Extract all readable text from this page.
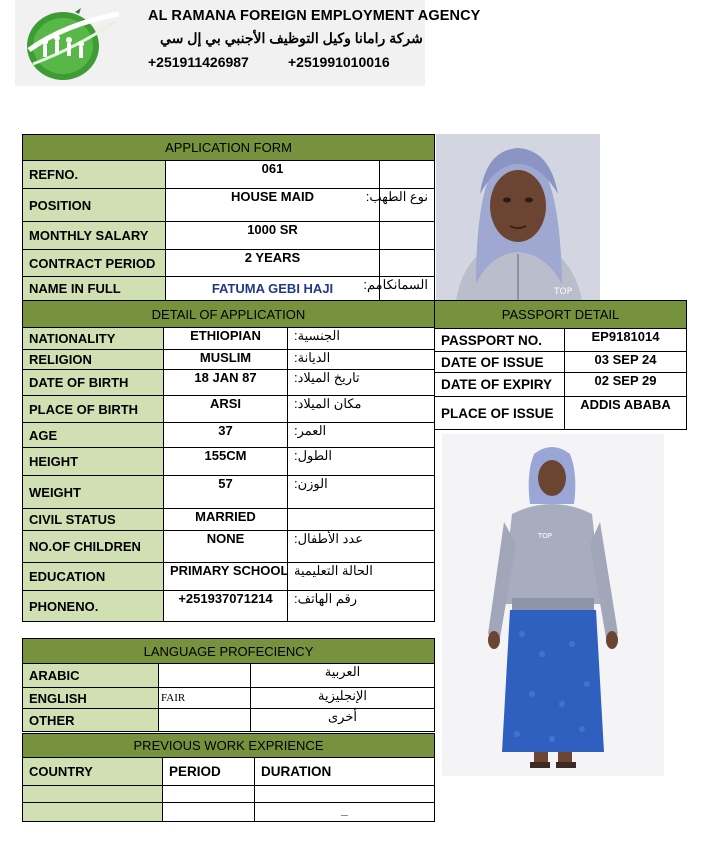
AL RAMANA FOREIGN EMPLOYMENT AGENCY
شركة رامانا وكيل التوظيف الأجنبي بي إل سي
+251911426987	+251991010016
APPLICATION FORM		
REFNO.	061	
POSITION	HOUSE MAID	نوع الطهب:
MONTHLY SALARY	1000 SR	
CONTRACT PERIOD	2 YEARS	
NAME IN FULL	FATUMA GEBI HAJI	السمانكامم:	TOP
DETAIL OF APPLICATION		
NATIONALITY	ETHIOPIAN	الجنسية:
RELIGION	MUSLIM	الديانة:
DATE OF BIRTH	18 JAN 87	تاريخ الميلاد:
PLACE OF BIRTH	ARSI	مكان الميلاد:
AGE	37	العمر:
HEIGHT	155CM	الطول:
WEIGHT	57	الوزن:
CIVIL STATUS	MARRIED	
NO.OF CHILDREN	NONE	عدد الأطفال:
EDUCATION	PRIMARY SCHOOL	الحالة التعليمية
PHONENO.	+251937071214	رقم الهاتف:
PASSPORT DETAIL	
PASSPORT NO.	EP9181014
DATE OF ISSUE	03 SEP 24
DATE OF EXPIRY	02 SEP 29
PLACE OF ISSUE	ADDIS ABABA
TOP
LANGUAGE PROFECIENCY		
ARABIC		العربية
ENGLISH	FAIR	الإنجليزية
OTHER		أخرى
PREVIOUS WORK EXPRIENCE		
COUNTRY	PERIOD	DURATION

		_
